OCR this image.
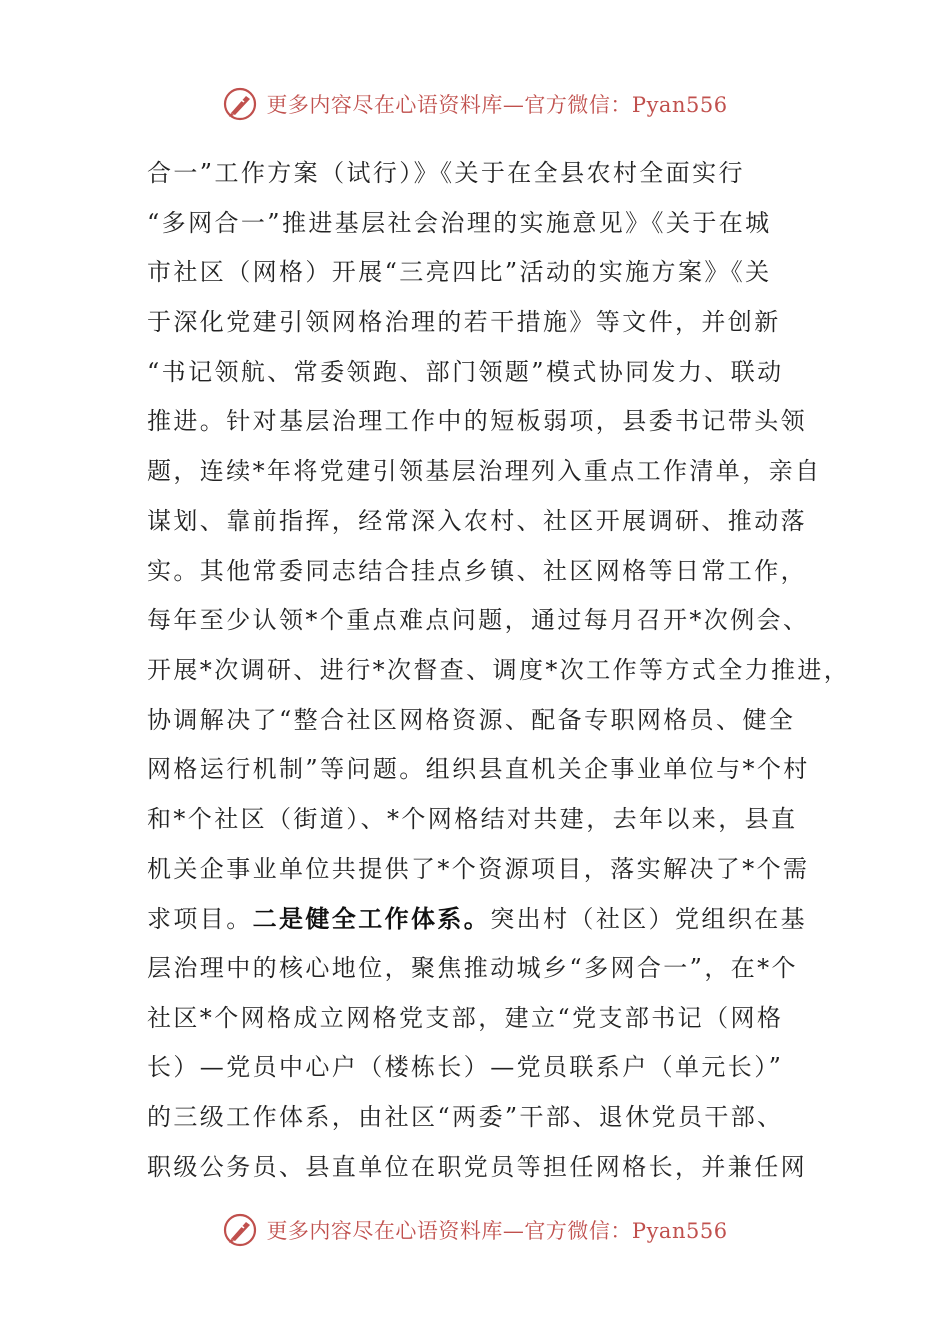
更多内容尽在心语资料库—官方微信：Pyan556
合一”工作方案（试行）》《关于在全县农村全面实行
“多网合一”推进基层社会治理的实施意见》《关于在城
市社区（网格）开展“三亮四比”活动的实施方案》《关
于深化党建引领网格治理的若干措施》等文件，并创新
“书记领航、常委领跑、部门领题”模式协同发力、联动
推进。针对基层治理工作中的短板弱项，县委书记带头领
题，连续*年将党建引领基层治理列入重点工作清单，亲自
谋划、靠前指挥，经常深入农村、社区开展调研、推动落
实。其他常委同志结合挂点乡镇、社区网格等日常工作，
每年至少认领*个重点难点问题，通过每月召开*次例会、
开展*次调研、进行*次督查、调度*次工作等方式全力推进，
协调解决了“整合社区网格资源、配备专职网格员、健全
网格运行机制”等问题。组织县直机关企事业单位与*个村
和*个社区（街道）、*个网格结对共建，去年以来，县直
机关企事业单位共提供了*个资源项目，落实解决了*个需
求项目。二是健全工作体系。突出村（社区）党组织在基
层治理中的核心地位，聚焦推动城乡“多网合一”，在*个
社区*个网格成立网格党支部，建立“党支部书记（网格
长）—党员中心户（楼栋长）—党员联系户（单元长）”
的三级工作体系，由社区“两委”干部、退休党员干部、
职级公务员、县直单位在职党员等担任网格长，并兼任网
更多内容尽在心语资料库—官方微信：Pyan556
